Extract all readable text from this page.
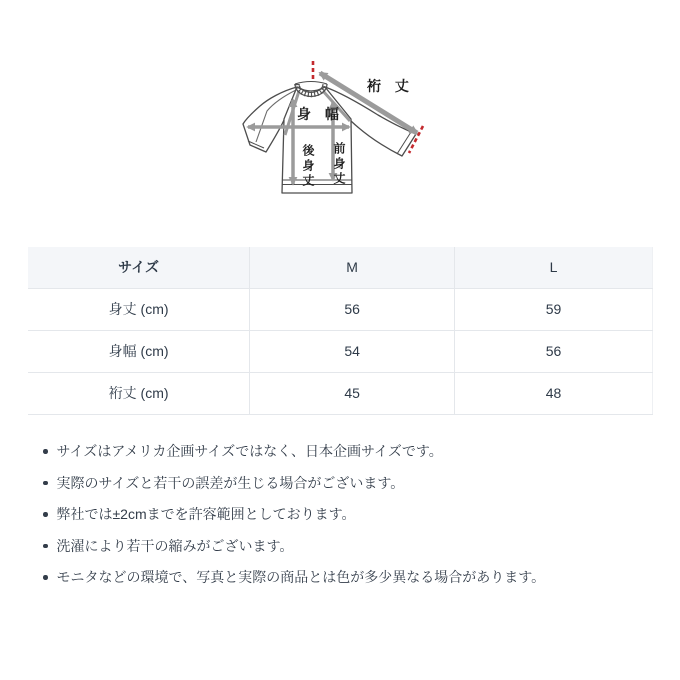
裄 丈
身 幅
後身丈 前身丈
サイズ	M	L
身丈 (cm)	56	59
身幅 (cm)	54	56
裄丈 (cm)	45	48
サイズはアメリカ企画サイズではなく、日本企画サイズです。
実際のサイズと若干の誤差が生じる場合がございます。
弊社では±2cmまでを許容範囲としております。
洗濯により若干の縮みがございます。
モニタなどの環境で、写真と実際の商品とは色が多少異なる場合があります。
